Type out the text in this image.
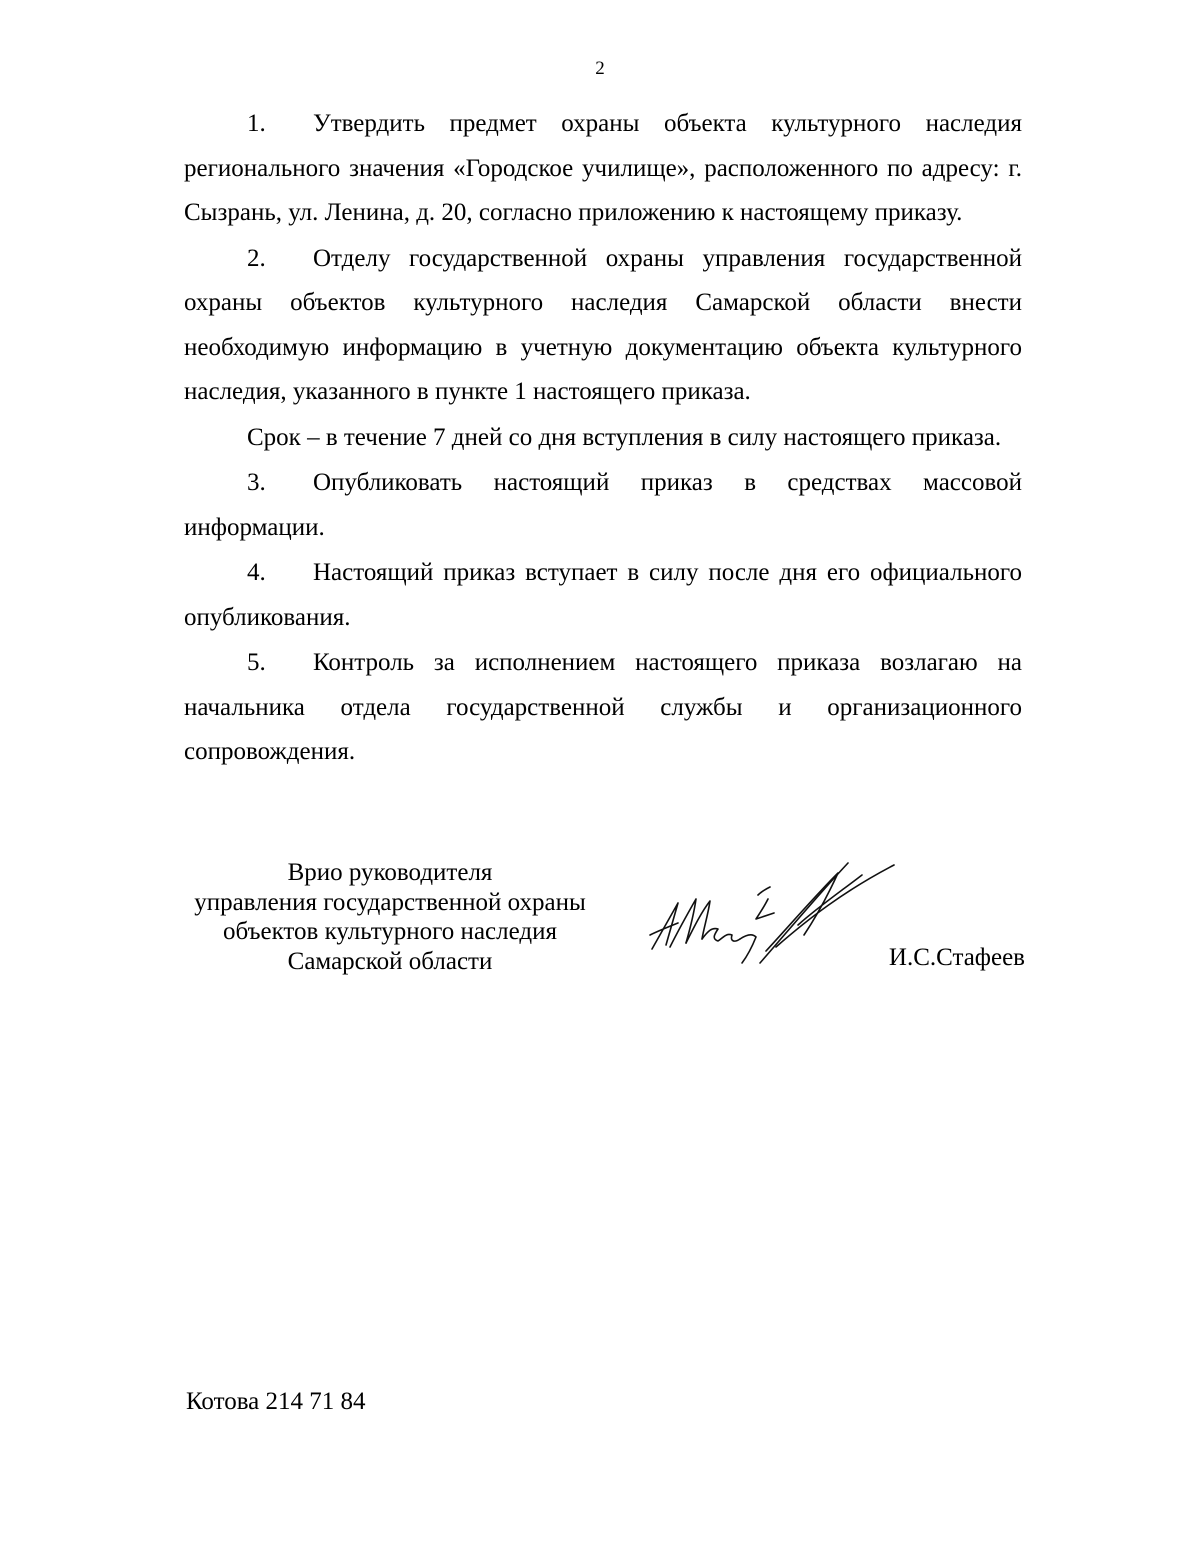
2

1. Утвердить предмет охраны объекта культурного наследия регионального значения «Городское училище», расположенного по адресу: г. Сызрань, ул. Ленина, д. 20, согласно приложению к настоящему приказу.

2. Отделу государственной охраны управления государственной охраны объектов культурного наследия Самарской области внести необходимую информацию в учетную документацию объекта культурного наследия, указанного в пункте 1 настоящего приказа.

Срок – в течение 7 дней со дня вступления в силу настоящего приказа.

3. Опубликовать настоящий приказ в средствах массовой информации.

4. Настоящий приказ вступает в силу после дня его официального опубликования.

5. Контроль за исполнением настоящего приказа возлагаю на начальника отдела государственной службы и организационного сопровождения.

Врио руководителя
управления государственной охраны
объектов культурного наследия
Самарской области	И.С.Стафеев
Котова 214 71 84
